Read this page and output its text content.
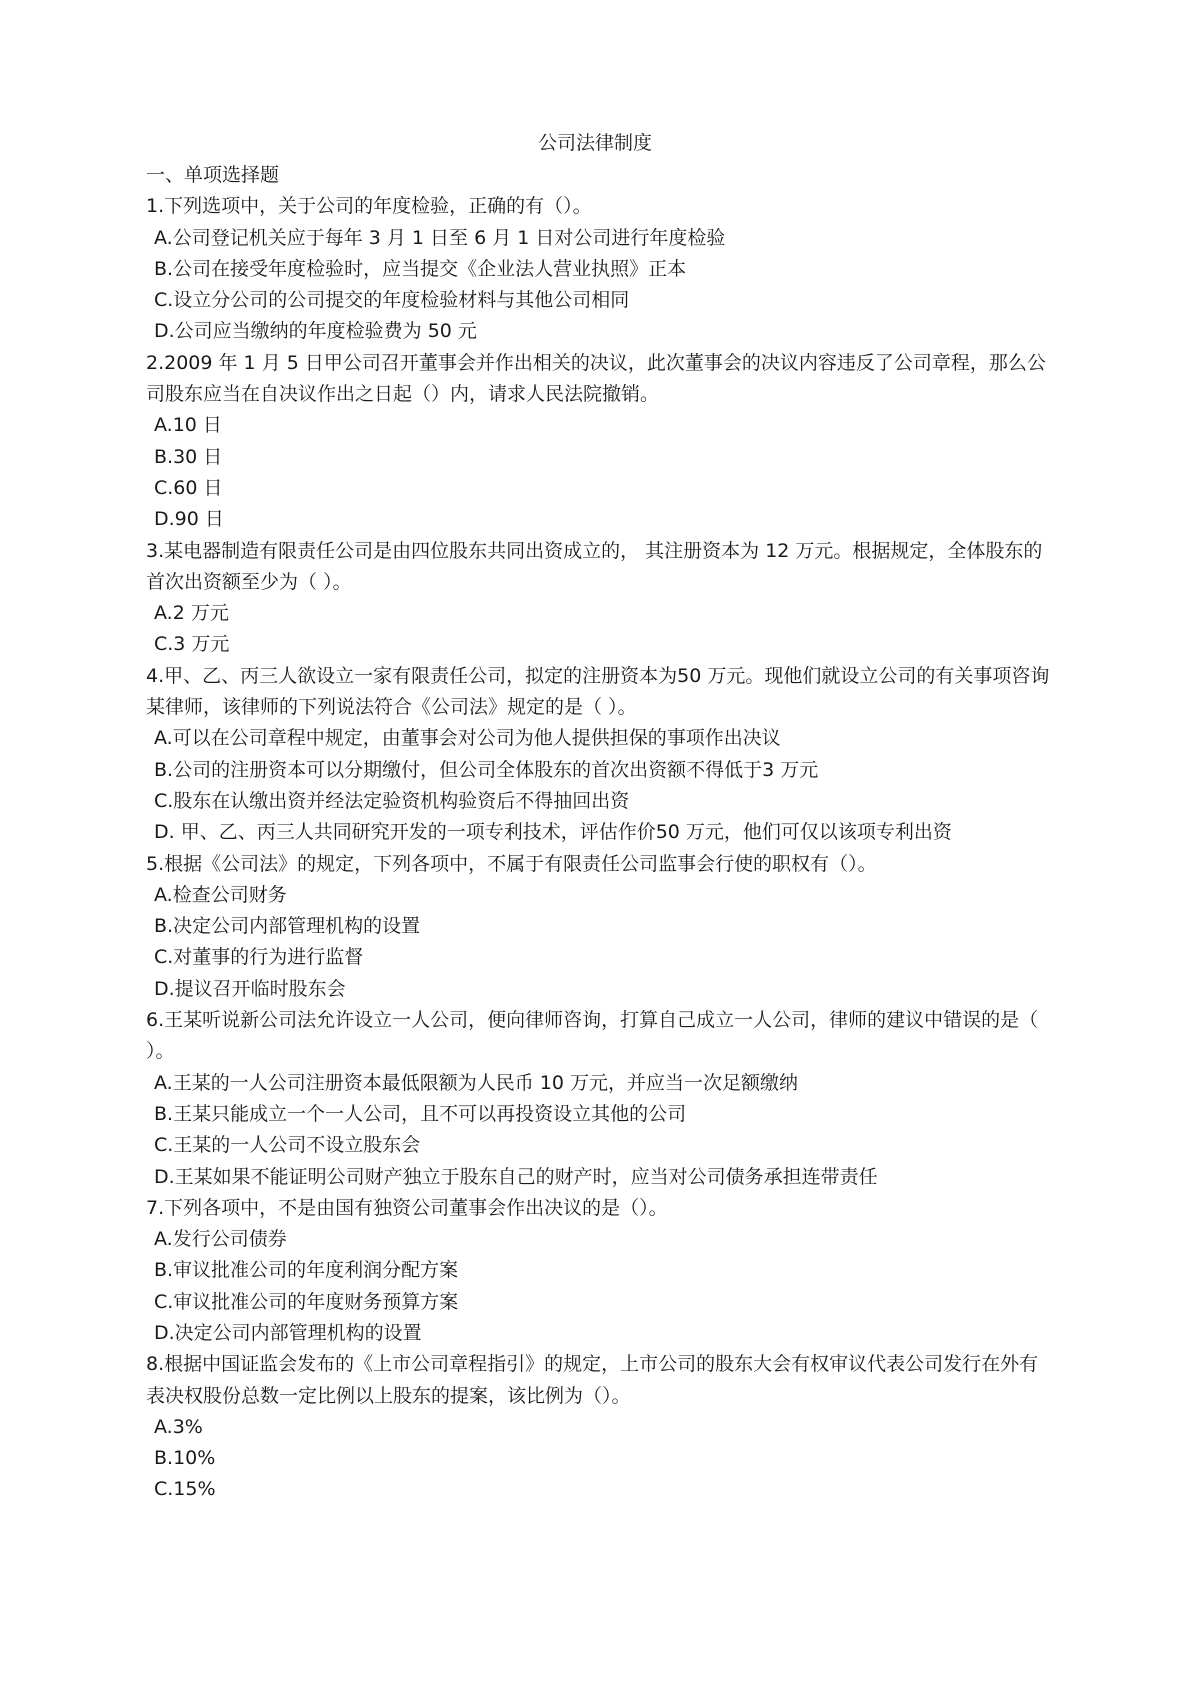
公司法律制度
一、单项选择题
1.下列选项中，关于公司的年度检验，正确的有（）。
A.公司登记机关应于每年 3 月 1 日至 6 月 1 日对公司进行年度检验
B.公司在接受年度检验时，应当提交《企业法人营业执照》正本
C.设立分公司的公司提交的年度检验材料与其他公司相同
D.公司应当缴纳的年度检验费为 50 元
2.2009 年 1 月 5 日甲公司召开董事会并作出相关的决议，此次董事会的决议内容违反了公司章程，那么公司股东应当在自决议作出之日起（）内，请求人民法院撤销。
A.10 日
B.30 日
C.60 日
D.90 日
3.某电器制造有限责任公司是由四位股东共同出资成立的， 其注册资本为 12 万元。根据规定，全体股东的首次出资额至少为（ ）。
A.2 万元
C.3 万元
4.甲、乙、丙三人欲设立一家有限责任公司，拟定的注册资本为50 万元。现他们就设立公司的有关事项咨询某律师，该律师的下列说法符合《公司法》规定的是（ ）。
A.可以在公司章程中规定，由董事会对公司为他人提供担保的事项作出决议
B.公司的注册资本可以分期缴付，但公司全体股东的首次出资额不得低于3 万元
C.股东在认缴出资并经法定验资机构验资后不得抽回出资
D. 甲、乙、丙三人共同研究开发的一项专利技术，评估作价50 万元，他们可仅以该项专利出资
5.根据《公司法》的规定，下列各项中，不属于有限责任公司监事会行使的职权有（）。
A.检查公司财务
B.决定公司内部管理机构的设置
C.对董事的行为进行监督
D.提议召开临时股东会
6.王某听说新公司法允许设立一人公司，便向律师咨询，打算自己成立一人公司，律师的建议中错误的是（ ）。
A.王某的一人公司注册资本最低限额为人民币 10 万元，并应当一次足额缴纳
B.王某只能成立一个一人公司，且不可以再投资设立其他的公司
C.王某的一人公司不设立股东会
D.王某如果不能证明公司财产独立于股东自己的财产时，应当对公司债务承担连带责任
7.下列各项中，不是由国有独资公司董事会作出决议的是（）。
A.发行公司债券
B.审议批准公司的年度利润分配方案
C.审议批准公司的年度财务预算方案
D.决定公司内部管理机构的设置
8.根据中国证监会发布的《上市公司章程指引》的规定，上市公司的股东大会有权审议代表公司发行在外有表决权股份总数一定比例以上股东的提案，该比例为（）。
A.3%
B.10%
C.15%
